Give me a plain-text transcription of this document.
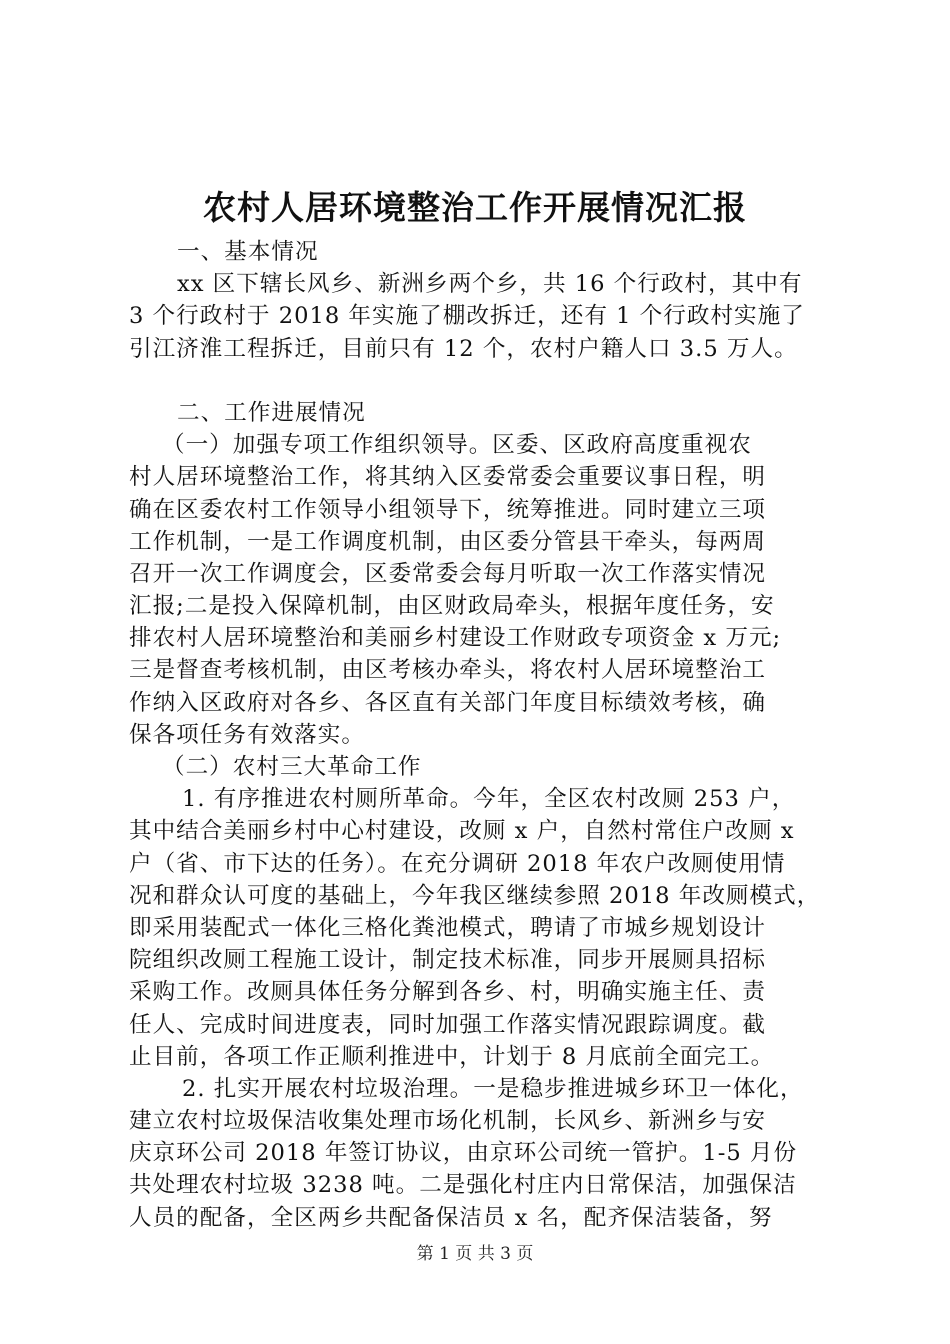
农村人居环境整治工作开展情况汇报
一、基本情况
xx 区下辖长风乡、新洲乡两个乡，共 16 个行政村，其中有
3 个行政村于 2018 年实施了棚改拆迁，还有 1 个行政村实施了
引江济淮工程拆迁，目前只有 12 个，农村户籍人口 3.5 万人。
二、工作进展情况
（一）加强专项工作组织领导。区委、区政府高度重视农
村人居环境整治工作，将其纳入区委常委会重要议事日程，明
确在区委农村工作领导小组领导下，统筹推进。同时建立三项
工作机制，一是工作调度机制，由区委分管县干牵头，每两周
召开一次工作调度会，区委常委会每月听取一次工作落实情况
汇报;二是投入保障机制，由区财政局牵头，根据年度任务，安
排农村人居环境整治和美丽乡村建设工作财政专项资金 x 万元;
三是督查考核机制，由区考核办牵头，将农村人居环境整治工
作纳入区政府对各乡、各区直有关部门年度目标绩效考核，确
保各项任务有效落实。
（二）农村三大革命工作
1. 有序推进农村厕所革命。今年，全区农村改厕 253 户，
其中结合美丽乡村中心村建设，改厕 x 户，自然村常住户改厕 x
户（省、市下达的任务）。在充分调研 2018 年农户改厕使用情
况和群众认可度的基础上，今年我区继续参照 2018 年改厕模式，
即采用装配式一体化三格化粪池模式，聘请了市城乡规划设计
院组织改厕工程施工设计，制定技术标准，同步开展厕具招标
采购工作。改厕具体任务分解到各乡、村，明确实施主任、责
任人、完成时间进度表，同时加强工作落实情况跟踪调度。截
止目前，各项工作正顺利推进中，计划于 8 月底前全面完工。
2. 扎实开展农村垃圾治理。一是稳步推进城乡环卫一体化，
建立农村垃圾保洁收集处理市场化机制，长风乡、新洲乡与安
庆京环公司 2018 年签订协议，由京环公司统一管护。1-5 月份
共处理农村垃圾 3238 吨。二是强化村庄内日常保洁，加强保洁
人员的配备，全区两乡共配备保洁员 x 名，配齐保洁装备，努
第 1 页 共 3 页
